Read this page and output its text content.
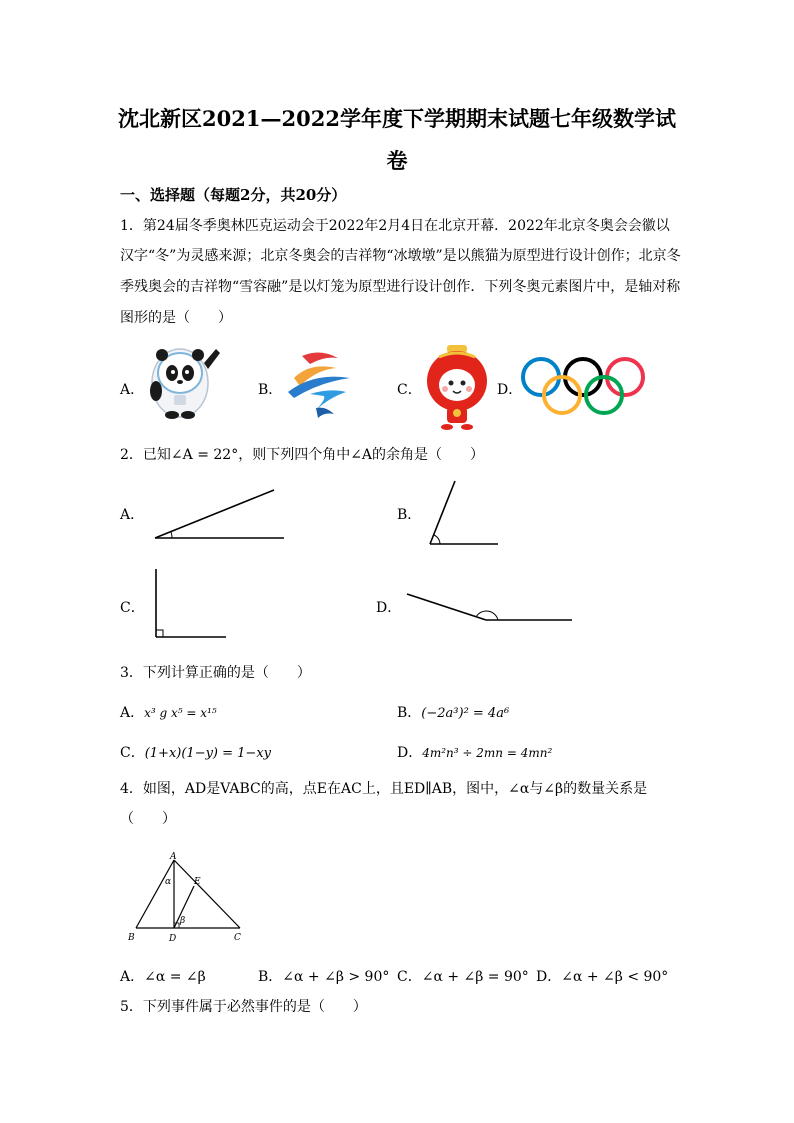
沈北新区2021—2022学年度下学期期末试题七年级数学试
卷
一、选择题（每题2分，共20分）
1．第24届冬季奥林匹克运动会于2022年2月4日在北京开幕．2022年北京冬奥会会徽以
汉字“冬”为灵感来源；北京冬奥会的吉祥物“冰墩墩”是以熊猫为原型进行设计创作；北京冬
季残奥会的吉祥物“雪容融”是以灯笼为原型进行设计创作．下列冬奥元素图片中，是轴对称
图形的是（　　）
A．	B．	C．	D．
2．已知∠A = 22°，则下列四个角中∠A的余角是（　　）
A．	B．
C．	D．
3．下列计算正确的是（　　）
A．x³ g x⁵ = x¹⁵	B．(−2a³)² = 4a⁶
C．(1+x)(1−y) = 1−xy	D．4m²n³ ÷ 2mn = 4mn²
4．如图，AD是VABC的高，点E在AC上，且ED∥AB，图中，∠α与∠β的数量关系是
（　　）
A
B	D	C
E
α
β
A．∠α = ∠β	B．∠α + ∠β > 90° C．∠α + ∠β = 90° D．∠α + ∠β < 90°
5．下列事件属于必然事件的是（　　）
